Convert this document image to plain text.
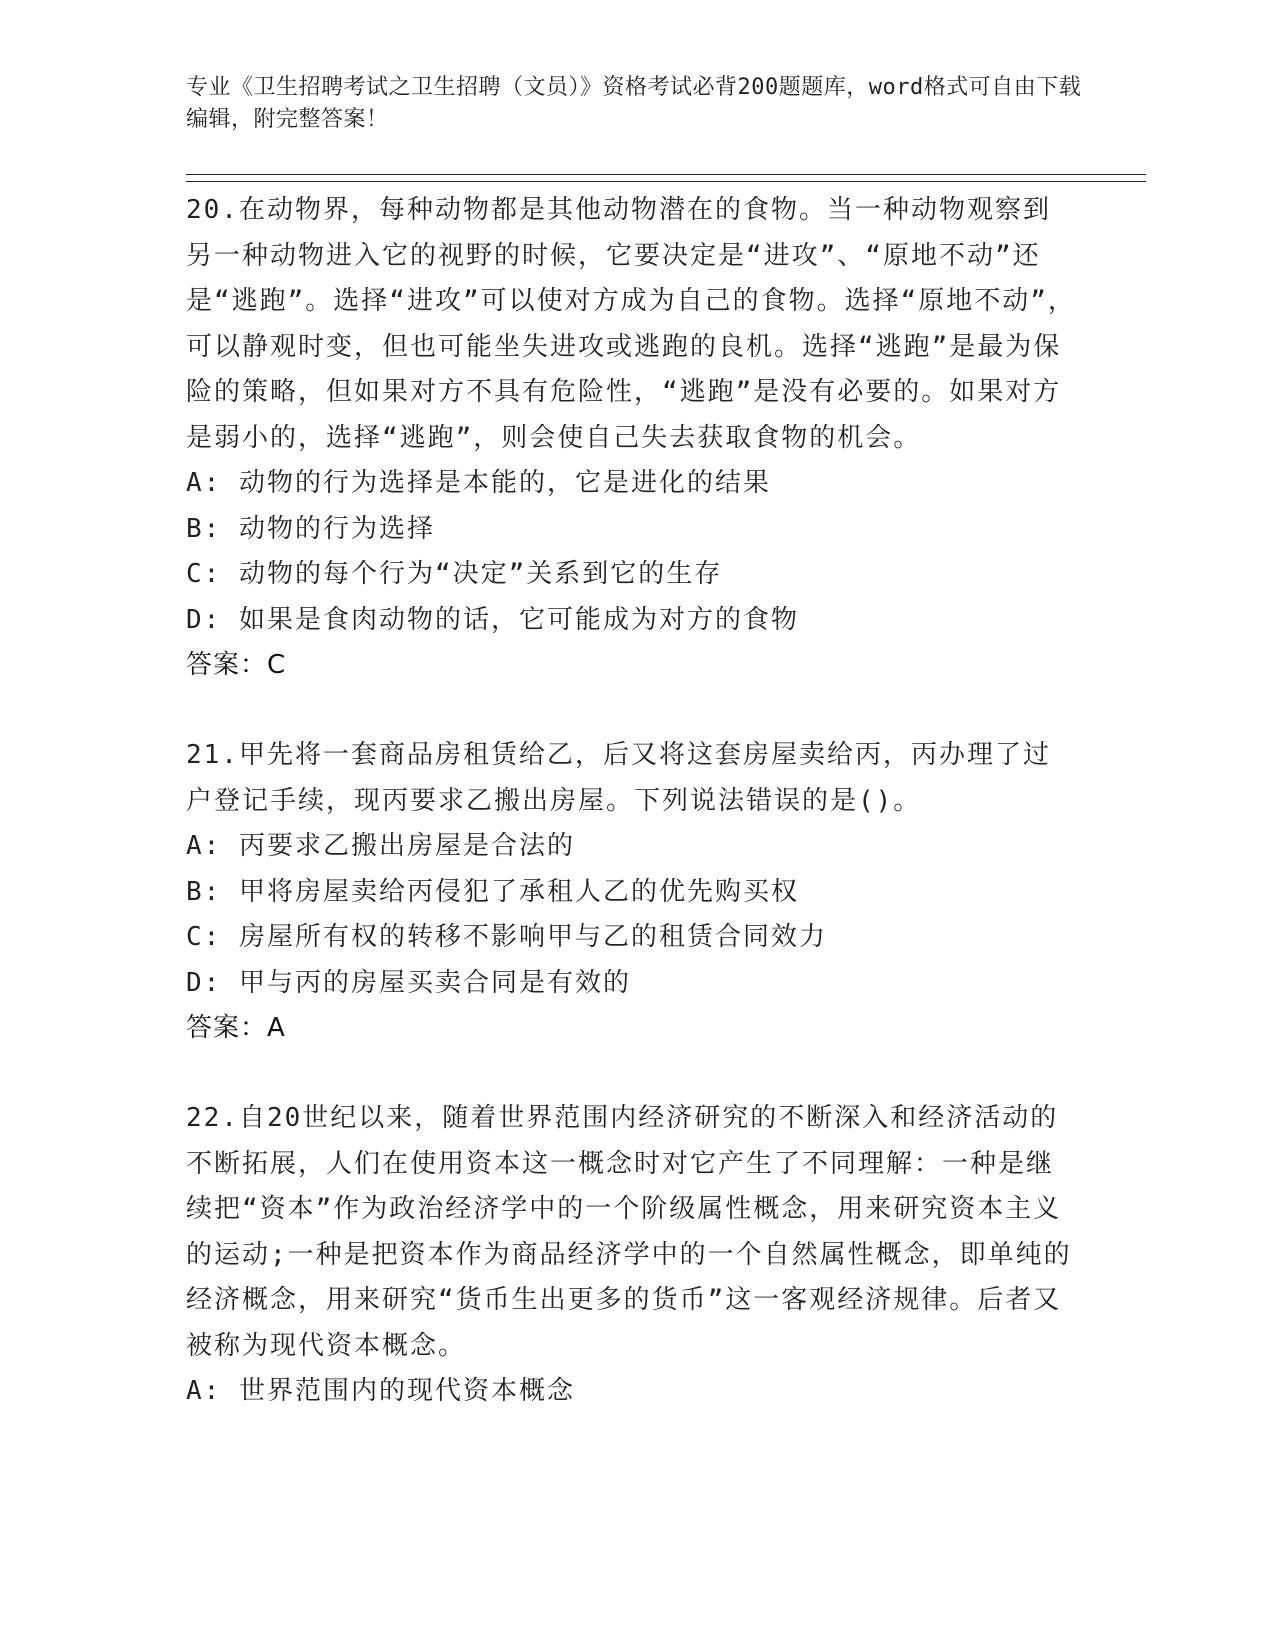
专业《卫生招聘考试之卫生招聘（文员）》资格考试必背200题题库，word格式可自由下载编辑，附完整答案！

20.在动物界，每种动物都是其他动物潜在的食物。当一种动物观察到另一种动物进入它的视野的时候，它要决定是“进攻”、“原地不动”还是“逃跑”。选择“进攻”可以使对方成为自己的食物。选择“原地不动”，可以静观时变，但也可能坐失进攻或逃跑的良机。选择“逃跑”是最为保险的策略，但如果对方不具有危险性，“逃跑”是没有必要的。如果对方是弱小的，选择“逃跑”，则会使自己失去获取食物的机会。

A: 动物的行为选择是本能的，它是进化的结果

B: 动物的行为选择

C: 动物的每个行为“决定”关系到它的生存

D: 如果是食肉动物的话，它可能成为对方的食物

答案：C

21.甲先将一套商品房租赁给乙，后又将这套房屋卖给丙，丙办理了过户登记手续，现丙要求乙搬出房屋。下列说法错误的是()。

A: 丙要求乙搬出房屋是合法的

B: 甲将房屋卖给丙侵犯了承租人乙的优先购买权

C: 房屋所有权的转移不影响甲与乙的租赁合同效力

D: 甲与丙的房屋买卖合同是有效的

答案：A

22.自20世纪以来，随着世界范围内经济研究的不断深入和经济活动的不断拓展，人们在使用资本这一概念时对它产生了不同理解：一种是继续把“资本”作为政治经济学中的一个阶级属性概念，用来研究资本主义的运动;一种是把资本作为商品经济学中的一个自然属性概念，即单纯的经济概念，用来研究“货币生出更多的货币”这一客观经济规律。后者又被称为现代资本概念。

A: 世界范围内的现代资本概念
